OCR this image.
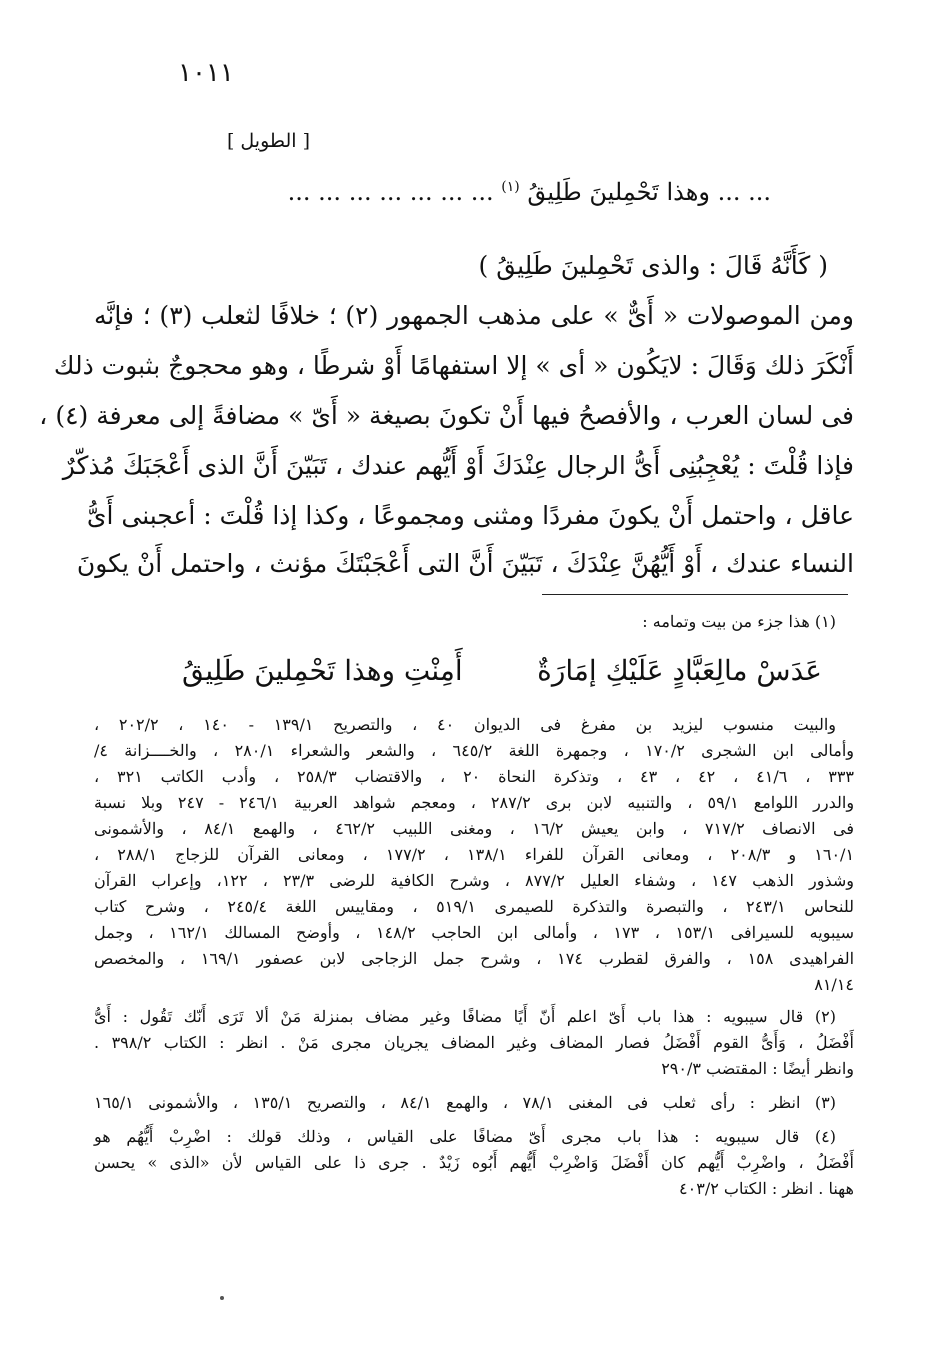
١٠١١
[ الطويل ]
... ... وهذا تَحْمِلينَ طَلِيقُ $^{(١)}$ ... ... ... ... ... ... ...
( كَأَنَّهُ قَالَ : والذى تَحْمِلينَ طَلِيقُ )
ومن الموصولات « أَىٌّ » على مذهب الجمهور (٢) ؛ خلافًا لثعلب (٣) ؛ فإنَّه
أَنْكَرَ ذلك وَقَالَ : لايَكُون « أى » إلا استفهامًا أَوْ شرطًا ، وهو محجوجٌ بثبوت ذلك
فى لسان العرب ، والأفصحُ فيها أَنْ تكونَ بصيغة « أَىّ » مضافةً إلى معرفة (٤) ،
فإذا قُلْتَ : يُعْجِبُنِى أَىُّ الرجال عِنْدَكَ أَوْ أَيُّهم عندك ، تَبَيّنَ أَنَّ الذى أَعْجَبَكَ مُذكّرٌ
عاقل ، واحتمل أَنْ يكونَ مفردًا ومثنى ومجموعًا ، وكذا إذا قُلْتَ : أعجبنى أَىُّ
النساء عندك ، أَوْ أَيُّهُنَّ عِنْدَكَ ، تَبَيّنَ أَنَّ التى أَعْجَبْتَكَ مؤنث ، واحتمل أَنْ يكونَ
(١) هذا جزء من بيت وتمامه :
عَدَسْ مالِعَبَّادٍ عَلَيْكِ إمَارَةٌ
أَمِنْتِ وهذا تَحْمِلينَ طَلِيقُ
والبيت منسوب ليزيد بن مفرغ فى الديوان ٤٠ ، والتصريح ١٣٩/١ - ١٤٠ ، ٢٠٢/٢ ،
وأمالى ابن الشجرى ١٧٠/٢ ، وجمهرة اللغة ٦٤٥/٢ ، والشعر والشعراء ٢٨٠/١ ، والخــــزانة ٤/
٣٣٣ ، ٤١/٦ ، ٤٢ ، ٤٣ ، وتذكرة النحاة ٢٠ ، والاقتضاب ٢٥٨/٣ ، وأدب الكاتب ٣٢١ ،
والدرر اللوامع ٥٩/١ ، والتنبيه لابن برى ٢٨٧/٢ ، ومعجم شواهد العربية ٢٤٦/١ - ٢٤٧ وبلا نسبة
فى الانصاف ٧١٧/٢ ، وابن يعيش ١٦/٢ ، ومغنى اللبيب ٤٦٢/٢ ، والهمع ٨٤/١ ، والأشمونى
١٦٠/١ و ٢٠٨/٣ ، ومعانى القرآن للفراء ١٣٨/١ ، ١٧٧/٢ ، ومعانى القرآن للزجاج ٢٨٨/١ ،
وشذور الذهب ١٤٧ ، وشفاء العليل ٨٧٧/٢ ، وشرح الكافية للرضى ٢٣/٣ ، ١٢٢، وإعراب القرآن
للنحاس ٢٤٣/١ ، والتبصرة والتذكرة للصيمرى ٥١٩/١ ، ومقاييس اللغة ٢٤٥/٤ ، وشرح كتاب
سيبويه للسيرافى ١٥٣/١ ، ١٧٣ ، وأمالى ابن الحاجب ١٤٨/٢ ، وأوضح المسالك ١٦٢/١ ، وجمل
الفراهيدى ١٥٨ ، والفرق لقطرب ١٧٤ ، وشرح جمل الزجاجى لابن عصفور ١٦٩/١ ، والمخصص
٨١/١٤
(٢) قال سيبويه : هذا باب أَىّ اعلم أَنّ أَيًا مضافًا وغير مضاف بمنزلة مَنْ ألا تَرَى أَنّك تَقُول : أَىُّ
أَفْضَلُ ، وَأَىُّ القوم أَفْضَلُ فصار المضاف وغير المضاف يجريان مجرى مَنْ . انظر : الكتاب ٣٩٨/٢ .
وانظر أيضًا : المقتضب ٢٩٠/٣
(٣) انظر : رأى ثعلب فى المغنى ٧٨/١ ، والهمع ٨٤/١ ، والتصريح ١٣٥/١ ، والأشمونى ١٦٥/١
(٤) قال سيبويه : هذا باب مجرى أَىّ مضافًا على القياس ، وذلك قولك : اضْرِبْ أَيُّهُم هو
أَفْضَلُ ، واضْرِبْ أَيُّهم كان أَفْضَلَ وَاضْرِبْ أَيُّهم أَبُوه زَيْدٌ . جرى ذا على القياس لأن «الذى » يحسن
ههنا . انظر : الكتاب ٤٠٣/٢
